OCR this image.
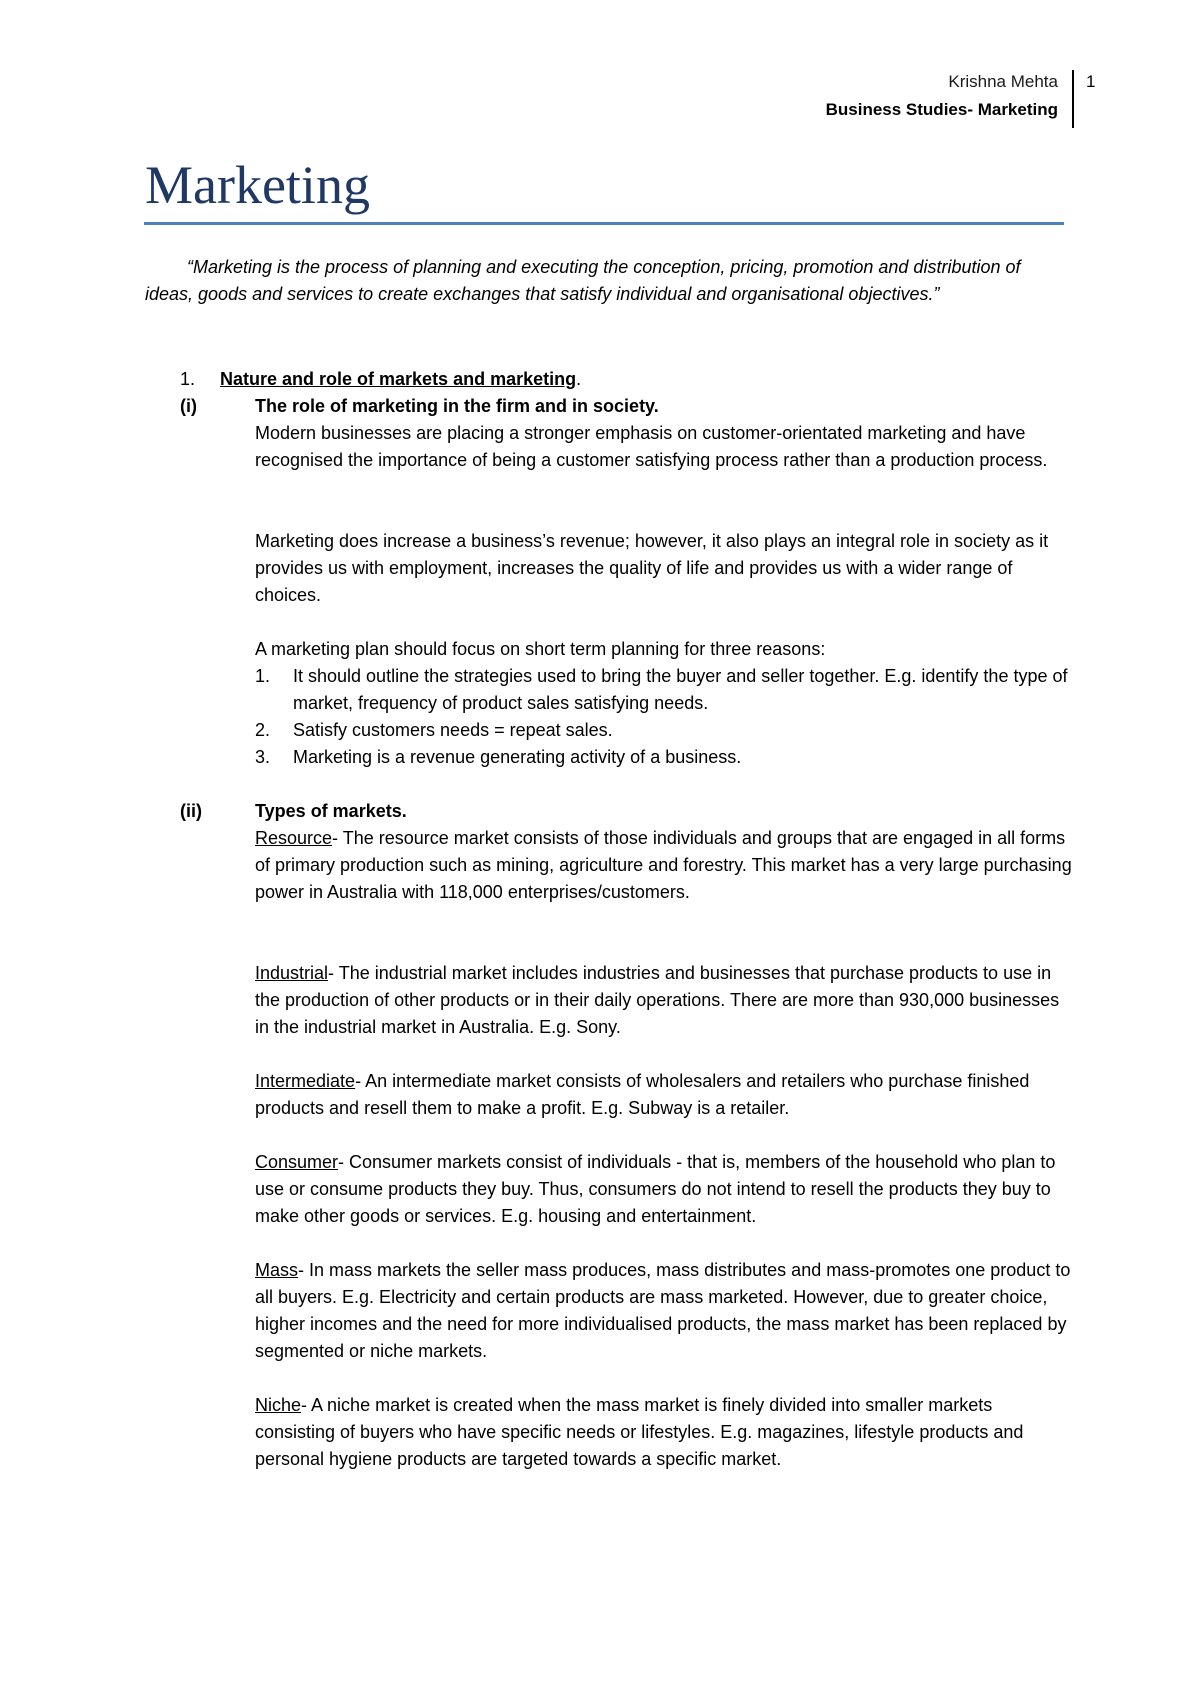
Krishna Mehta
Business Studies- Marketing
1
Marketing
“Marketing is the process of planning and executing the conception, pricing, promotion and distribution of ideas, goods and services to create exchanges that satisfy individual and organisational objectives.”
1. Nature and role of markets and marketing.
(i)	The role of marketing in the firm and in society.
Modern businesses are placing a stronger emphasis on customer-orientated marketing and have recognised the importance of being a customer satisfying process rather than a production process.
Marketing does increase a business’s revenue; however, it also plays an integral role in society as it provides us with employment, increases the quality of life and provides us with a wider range of choices.
A marketing plan should focus on short term planning for three reasons:
1. It should outline the strategies used to bring the buyer and seller together. E.g. identify the type of market, frequency of product sales satisfying needs.
2. Satisfy customers needs = repeat sales.
3. Marketing is a revenue generating activity of a business.
(ii)	Types of markets.
Resource- The resource market consists of those individuals and groups that are engaged in all forms of primary production such as mining, agriculture and forestry. This market has a very large purchasing power in Australia with 118,000 enterprises/customers.
Industrial- The industrial market includes industries and businesses that purchase products to use in the production of other products or in their daily operations. There are more than 930,000 businesses in the industrial market in Australia. E.g. Sony.
Intermediate- An intermediate market consists of wholesalers and retailers who purchase finished products and resell them to make a profit. E.g. Subway is a retailer.
Consumer- Consumer markets consist of individuals - that is, members of the household who plan to use or consume products they buy. Thus, consumers do not intend to resell the products they buy to make other goods or services. E.g. housing and entertainment.
Mass- In mass markets the seller mass produces, mass distributes and mass-promotes one product to all buyers. E.g. Electricity and certain products are mass marketed. However, due to greater choice, higher incomes and the need for more individualised products, the mass market has been replaced by segmented or niche markets.
Niche- A niche market is created when the mass market is finely divided into smaller markets consisting of buyers who have specific needs or lifestyles. E.g. magazines, lifestyle products and personal hygiene products are targeted towards a specific market.
